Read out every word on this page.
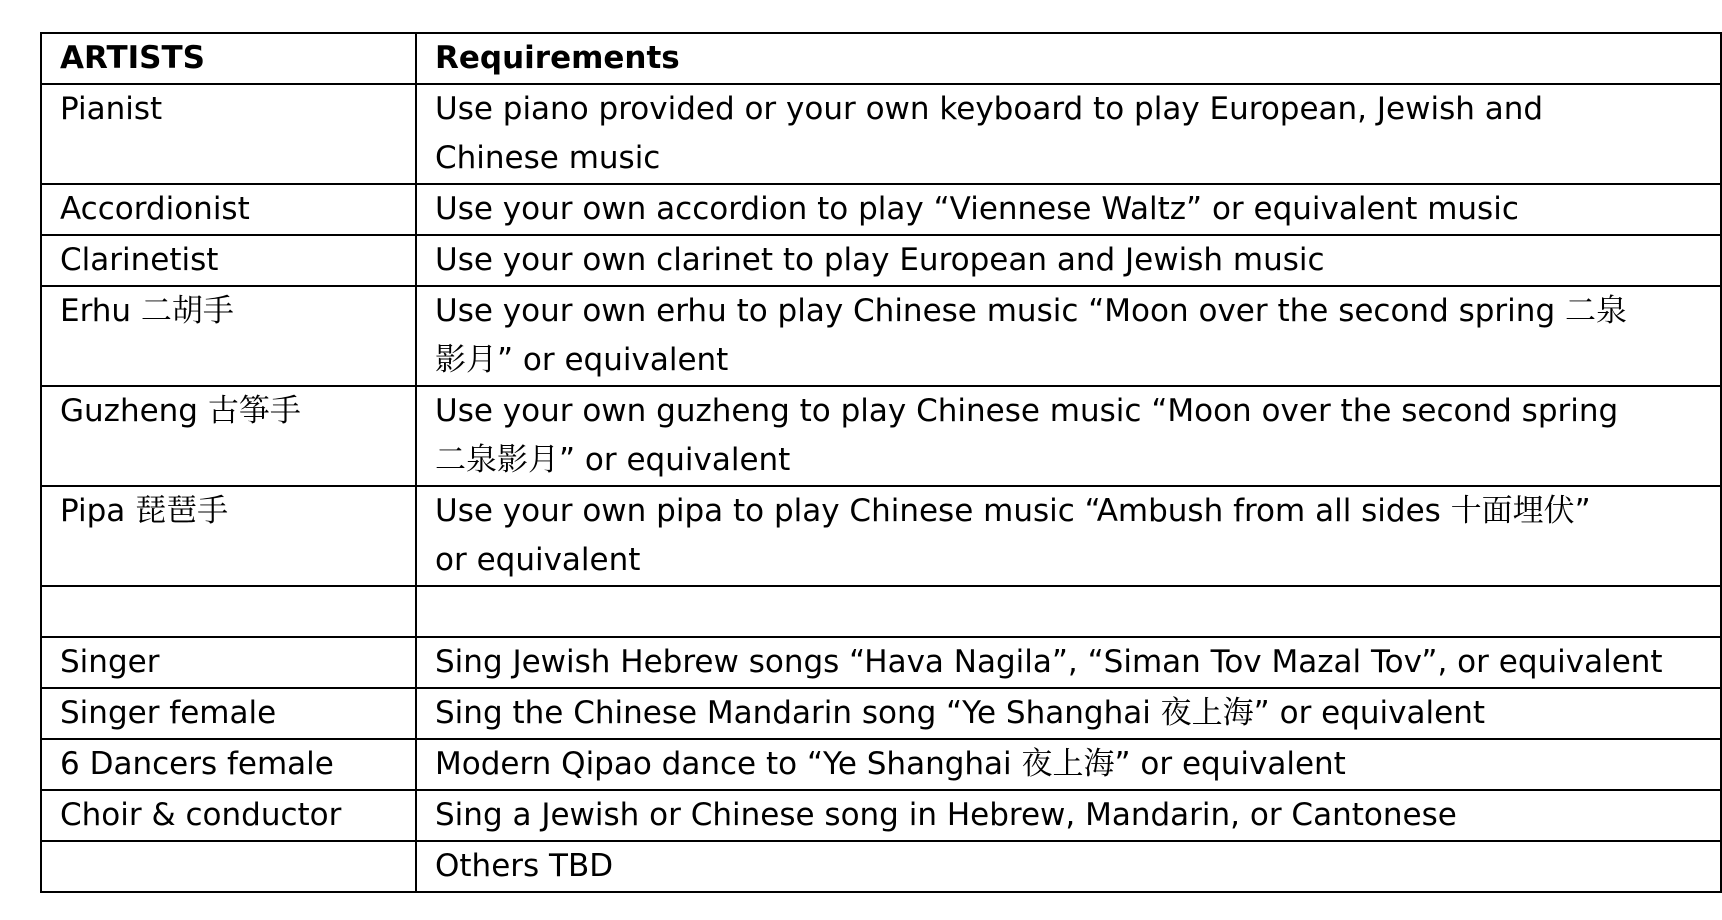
ARTISTS	Requirements
Pianist	Use piano provided or your own keyboard to play European, Jewish and
Chinese music

Accordionist	Use your own accordion to play “Viennese Waltz” or equivalent music

Clarinetist	Use your own clarinet to play European and Jewish music

Erhu 二胡手	Use your own erhu to play Chinese music “Moon over the second spring 二泉
影月” or equivalent

Guzheng 古筝手	Use your own guzheng to play Chinese music “Moon over the second spring
二泉影月” or equivalent

Pipa 琵琶手	Use your own pipa to play Chinese music “Ambush from all sides 十面埋伏”
or equivalent

Singer	Sing Jewish Hebrew songs “Hava Nagila”, “Siman Tov Mazal Tov”, or equivalent

Singer female	Sing the Chinese Mandarin song “Ye Shanghai 夜上海” or equivalent

6 Dancers female	Modern Qipao dance to “Ye Shanghai 夜上海” or equivalent

Choir & conductor	Sing a Jewish or Chinese song in Hebrew, Mandarin, or Cantonese

	Others TBD
